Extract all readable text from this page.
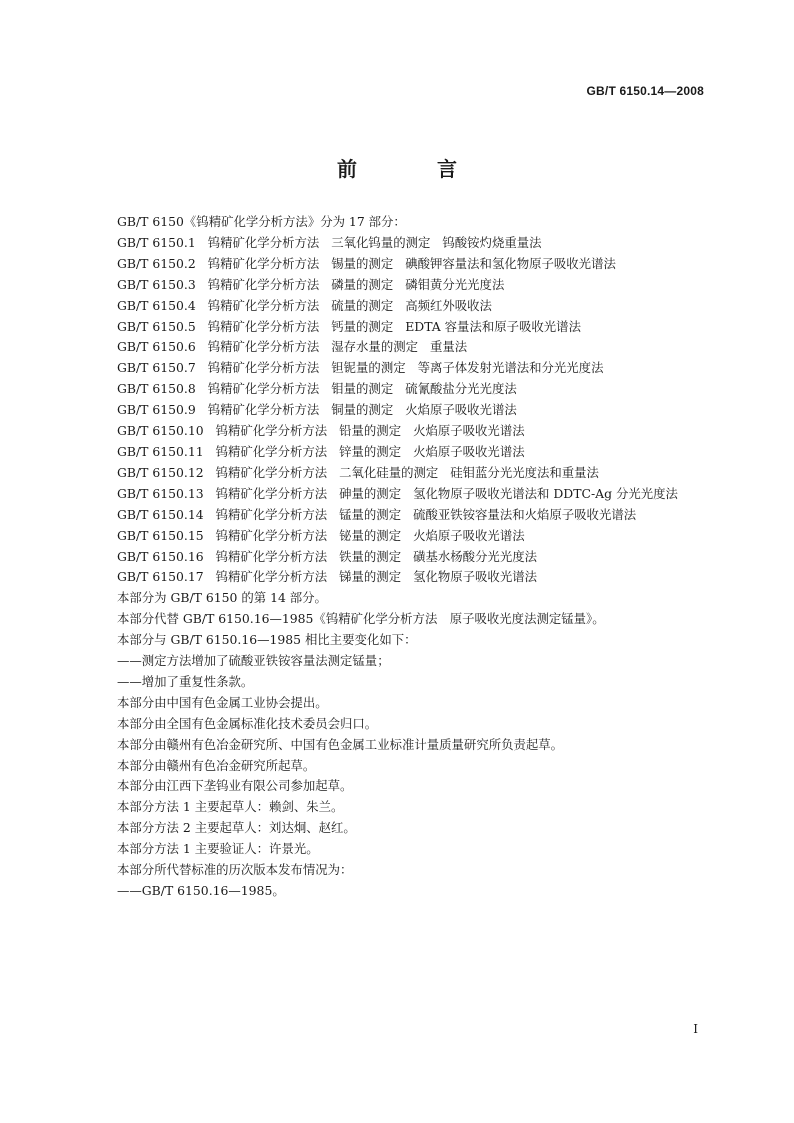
GB/T 6150.14—2008
前　言

GB/T 6150《钨精矿化学分析方法》分为 17 部分：

GB/T 6150.1 钨精矿化学分析方法 三氧化钨量的测定 钨酸铵灼烧重量法

GB/T 6150.2 钨精矿化学分析方法 锡量的测定 碘酸钾容量法和氢化物原子吸收光谱法

GB/T 6150.3 钨精矿化学分析方法 磷量的测定 磷钼黄分光光度法

GB/T 6150.4 钨精矿化学分析方法 硫量的测定 高频红外吸收法

GB/T 6150.5 钨精矿化学分析方法 钙量的测定 EDTA 容量法和原子吸收光谱法

GB/T 6150.6 钨精矿化学分析方法 湿存水量的测定 重量法

GB/T 6150.7 钨精矿化学分析方法 钽铌量的测定 等离子体发射光谱法和分光光度法

GB/T 6150.8 钨精矿化学分析方法 钼量的测定 硫氰酸盐分光光度法

GB/T 6150.9 钨精矿化学分析方法 铜量的测定 火焰原子吸收光谱法

GB/T 6150.10 钨精矿化学分析方法 铅量的测定 火焰原子吸收光谱法

GB/T 6150.11 钨精矿化学分析方法 锌量的测定 火焰原子吸收光谱法

GB/T 6150.12 钨精矿化学分析方法 二氧化硅量的测定 硅钼蓝分光光度法和重量法

GB/T 6150.13 钨精矿化学分析方法 砷量的测定 氢化物原子吸收光谱法和 DDTC-Ag 分光光度法

GB/T 6150.14 钨精矿化学分析方法 锰量的测定 硫酸亚铁铵容量法和火焰原子吸收光谱法

GB/T 6150.15 钨精矿化学分析方法 铋量的测定 火焰原子吸收光谱法

GB/T 6150.16 钨精矿化学分析方法 铁量的测定 磺基水杨酸分光光度法

GB/T 6150.17 钨精矿化学分析方法 锑量的测定 氢化物原子吸收光谱法

本部分为 GB/T 6150 的第 14 部分。

本部分代替 GB/T 6150.16—1985《钨精矿化学分析方法　原子吸收光度法测定锰量》。

本部分与 GB/T 6150.16—1985 相比主要变化如下：

——测定方法增加了硫酸亚铁铵容量法测定锰量；

——增加了重复性条款。

本部分由中国有色金属工业协会提出。

本部分由全国有色金属标准化技术委员会归口。

本部分由赣州有色冶金研究所、中国有色金属工业标准计量质量研究所负责起草。

本部分由赣州有色冶金研究所起草。

本部分由江西下垄钨业有限公司参加起草。

本部分方法 1 主要起草人：赖剑、朱兰。

本部分方法 2 主要起草人：刘达炯、赵红。

本部分方法 1 主要验证人：许景光。

本部分所代替标准的历次版本发布情况为：

——GB/T 6150.16—1985。

I
